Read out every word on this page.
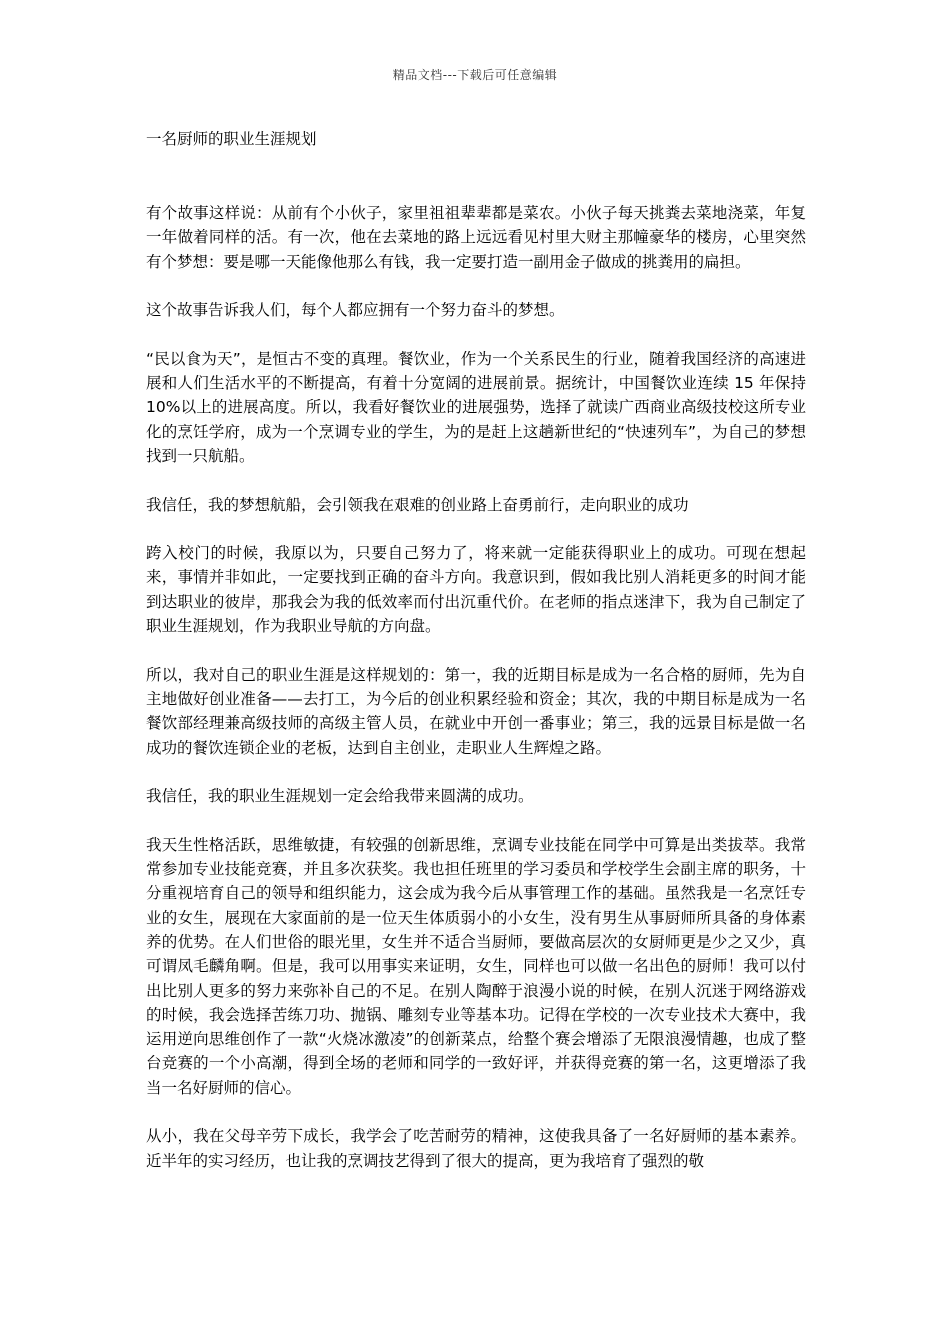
精品文档---下载后可任意编辑
一名厨师的职业生涯规划

有个故事这样说：从前有个小伙子，家里祖祖辈辈都是菜农。小伙子每天挑粪去菜地浇菜，年复一年做着同样的活。有一次，他在去菜地的路上远远看见村里大财主那幢豪华的楼房，心里突然有个梦想：要是哪一天能像他那么有钱，我一定要打造一副用金子做成的挑粪用的扁担。

这个故事告诉我人们，每个人都应拥有一个努力奋斗的梦想。

“民以食为天”，是恒古不变的真理。餐饮业，作为一个关系民生的行业，随着我国经济的高速进展和人们生活水平的不断提高，有着十分宽阔的进展前景。据统计，中国餐饮业连续 15 年保持 10%以上的进展高度。所以，我看好餐饮业的进展强势，选择了就读广西商业高级技校这所专业化的烹饪学府，成为一个烹调专业的学生，为的是赶上这趟新世纪的“快速列车”，为自己的梦想找到一只航船。

我信任，我的梦想航船，会引领我在艰难的创业路上奋勇前行，走向职业的成功

跨入校门的时候，我原以为，只要自己努力了，将来就一定能获得职业上的成功。可现在想起来，事情并非如此，一定要找到正确的奋斗方向。我意识到，假如我比别人消耗更多的时间才能到达职业的彼岸，那我会为我的低效率而付出沉重代价。在老师的指点迷津下，我为自己制定了职业生涯规划，作为我职业导航的方向盘。

所以，我对自己的职业生涯是这样规划的：第一，我的近期目标是成为一名合格的厨师，先为自主地做好创业准备——去打工，为今后的创业积累经验和资金；其次，我的中期目标是成为一名餐饮部经理兼高级技师的高级主管人员，在就业中开创一番事业；第三，我的远景目标是做一名成功的餐饮连锁企业的老板，达到自主创业，走职业人生辉煌之路。

我信任，我的职业生涯规划一定会给我带来圆满的成功。

我天生性格活跃，思维敏捷，有较强的创新思维，烹调专业技能在同学中可算是出类拔萃。我常常参加专业技能竞赛，并且多次获奖。我也担任班里的学习委员和学校学生会副主席的职务，十分重视培育自己的领导和组织能力，这会成为我今后从事管理工作的基础。虽然我是一名烹饪专业的女生，展现在大家面前的是一位天生体质弱小的小女生，没有男生从事厨师所具备的身体素养的优势。在人们世俗的眼光里，女生并不适合当厨师，要做高层次的女厨师更是少之又少，真可谓凤毛麟角啊。但是，我可以用事实来证明，女生，同样也可以做一名出色的厨师！我可以付出比别人更多的努力来弥补自己的不足。在别人陶醉于浪漫小说的时候，在别人沉迷于网络游戏的时候，我会选择苦练刀功、抛锅、雕刻专业等基本功。记得在学校的一次专业技术大赛中，我运用逆向思维创作了一款“火烧冰激凌”的创新菜点，给整个赛会增添了无限浪漫情趣，也成了整台竞赛的一个小高潮，得到全场的老师和同学的一致好评，并获得竞赛的第一名，这更增添了我当一名好厨师的信心。

从小，我在父母辛劳下成长，我学会了吃苦耐劳的精神，这使我具备了一名好厨师的基本素养。近半年的实习经历，也让我的烹调技艺得到了很大的提高，更为我培育了强烈的敬
